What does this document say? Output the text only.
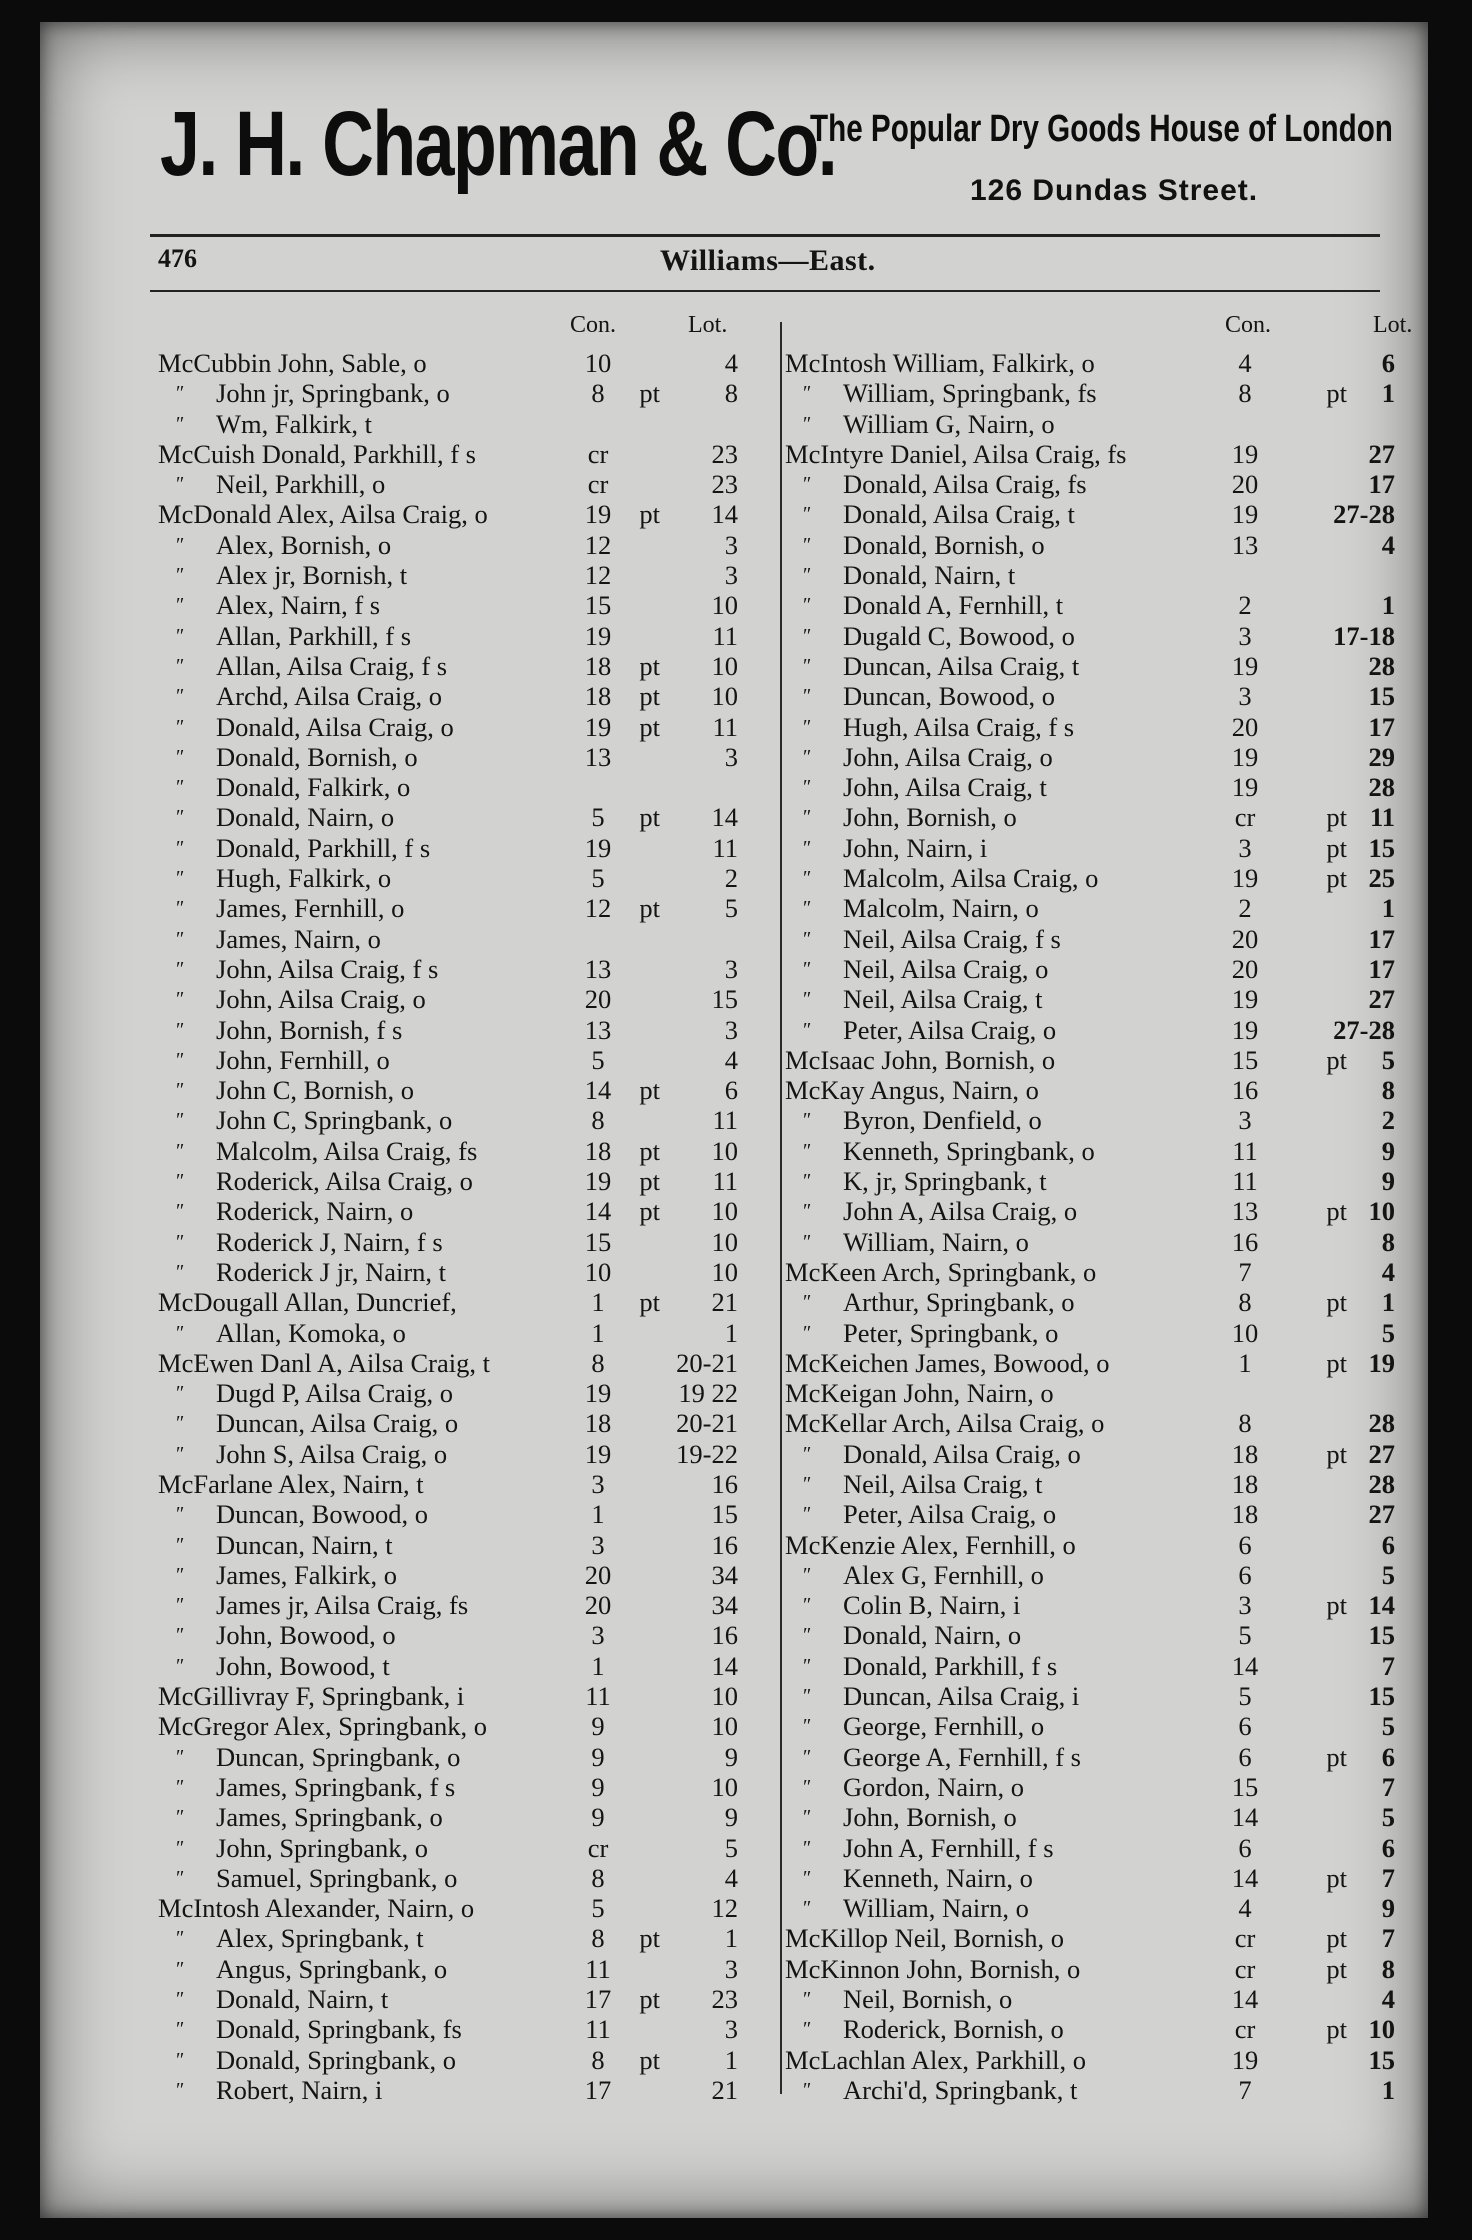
J. H. Chapman & Co.
The Popular Dry Goods House of London
126 Dundas Street.
476	Williams—East.
Con.	Lot.
McCubbin John, Sable, o	10	4
″ John jr, Springbank, o	8	pt	8
″ Wm, Falkirk, t
McCuish Donald, Parkhill, f s	cr	23
″ Neil, Parkhill, o	cr	23
McDonald Alex, Ailsa Craig, o	19	pt	14
″ Alex, Bornish, o	12	3
″ Alex jr, Bornish, t	12	3
″ Alex, Nairn, f s	15	10
″ Allan, Parkhill, f s	19	11
″ Allan, Ailsa Craig, f s	18	pt	10
″ Archd, Ailsa Craig, o	18	pt	10
″ Donald, Ailsa Craig, o	19	pt	11
″ Donald, Bornish, o	13	3
″ Donald, Falkirk, o
″ Donald, Nairn, o	5	pt	14
″ Donald, Parkhill, f s	19	11
″ Hugh, Falkirk, o	5	2
″ James, Fernhill, o	12	pt	5
″ James, Nairn, o
″ John, Ailsa Craig, f s	13	3
″ John, Ailsa Craig, o	20	15
″ John, Bornish, f s	13	3
″ John, Fernhill, o	5	4
″ John C, Bornish, o	14	pt	6
″ John C, Springbank, o	8	11
″ Malcolm, Ailsa Craig, fs	18	pt	10
″ Roderick, Ailsa Craig, o	19	pt	11
″ Roderick, Nairn, o	14	pt	10
″ Roderick J, Nairn, f s	15	10
″ Roderick J jr, Nairn, t	10	10
McDougall Allan, Duncrief,	1	pt	21
″ Allan, Komoka, o	1	1
McEwen Danl A, Ailsa Craig, t	8	20-21
″ Dugd P, Ailsa Craig, o	19	19 22
″ Duncan, Ailsa Craig, o	18	20-21
″ John S, Ailsa Craig, o	19	19-22
McFarlane Alex, Nairn, t	3	16
″ Duncan, Bowood, o	1	15
″ Duncan, Nairn, t	3	16
″ James, Falkirk, o	20	34
″ James jr, Ailsa Craig, fs	20	34
″ John, Bowood, o	3	16
″ John, Bowood, t	1	14
McGillivray F, Springbank, i	11	10
McGregor Alex, Springbank, o	9	10
″ Duncan, Springbank, o	9	9
″ James, Springbank, f s	9	10
″ James, Springbank, o	9	9
″ John, Springbank, o	cr	5
″ Samuel, Springbank, o	8	4
McIntosh Alexander, Nairn, o	5	12
″ Alex, Springbank, t	8	pt	1
″ Angus, Springbank, o	11	3
″ Donald, Nairn, t	17	pt	23
″ Donald, Springbank, fs	11	3
″ Donald, Springbank, o	8	pt	1
″ Robert, Nairn, i	17	21
Con.	Lot.
McIntosh William, Falkirk, o	4	6
″ William, Springbank, fs	8	pt	1
″ William G, Nairn, o
McIntyre Daniel, Ailsa Craig, fs	19	27
″ Donald, Ailsa Craig, fs	20	17
″ Donald, Ailsa Craig, t	19	27-28
″ Donald, Bornish, o	13	4
″ Donald, Nairn, t
″ Donald A, Fernhill, t	2	1
″ Dugald C, Bowood, o	3	17-18
″ Duncan, Ailsa Craig, t	19	28
″ Duncan, Bowood, o	3	15
″ Hugh, Ailsa Craig, f s	20	17
″ John, Ailsa Craig, o	19	29
″ John, Ailsa Craig, t	19	28
″ John, Bornish, o	cr	pt 11
″ John, Nairn, i	3	pt 15
″ Malcolm, Ailsa Craig, o	19	pt 25
″ Malcolm, Nairn, o	2	1
″ Neil, Ailsa Craig, f s	20	17
″ Neil, Ailsa Craig, o	20	17
″ Neil, Ailsa Craig, t	19	27
″ Peter, Ailsa Craig, o	19	27-28
McIsaac John, Bornish, o	15	pt	5
McKay Angus, Nairn, o	16	8
″ Byron, Denfield, o	3	2
″ Kenneth, Springbank, o	11	9
″ K, jr, Springbank, t	11	9
″ John A, Ailsa Craig, o	13	pt 10
″ William, Nairn, o	16	8
McKeen Arch, Springbank, o	7	4
″ Arthur, Springbank, o	8	pt	1
″ Peter, Springbank, o	10	5
McKeichen James, Bowood, o	1	pt 19
McKeigan John, Nairn, o
McKellar Arch, Ailsa Craig, o	8	28
″ Donald, Ailsa Craig, o	18	pt 27
″ Neil, Ailsa Craig, t	18	28
″ Peter, Ailsa Craig, o	18	27
McKenzie Alex, Fernhill, o	6	6
″ Alex G, Fernhill, o	6	5
″ Colin B, Nairn, i	3	pt 14
″ Donald, Nairn, o	5	15
″ Donald, Parkhill, f s	14	7
″ Duncan, Ailsa Craig, i	5	15
″ George, Fernhill, o	6	5
″ George A, Fernhill, f s	6	pt	6
″ Gordon, Nairn, o	15	7
″ John, Bornish, o	14	5
″ John A, Fernhill, f s	6	6
″ Kenneth, Nairn, o	14	pt	7
″ William, Nairn, o	4	9
McKillop Neil, Bornish, o	cr	pt	7
McKinnon John, Bornish, o	cr	pt	8
″ Neil, Bornish, o	14	4
″ Roderick, Bornish, o	cr	pt 10
McLachlan Alex, Parkhill, o	19	15
″ Archi'd, Springbank, t	7	1
